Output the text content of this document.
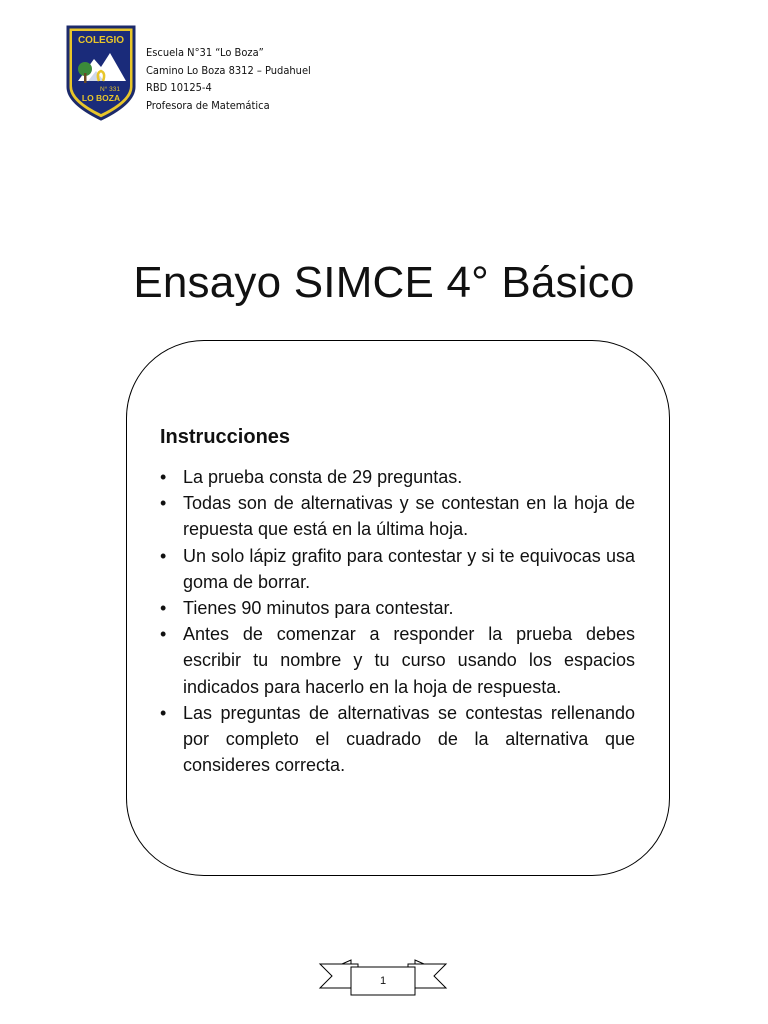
COLEGIO
N° 331
LO BOZA
Escuela N°31 “Lo Boza”
Camino Lo Boza 8312 – Pudahuel
RBD 10125-4
Profesora de Matemática
Ensayo SIMCE 4° Básico
Instrucciones
• La prueba consta de 29 preguntas.
• Todas son de alternativas y se contestan en la hoja de repuesta que está en la última hoja.
• Un solo lápiz grafito para contestar y si te equivocas usa goma de borrar.
• Tienes 90 minutos para contestar.
• Antes de comenzar a responder la prueba debes escribir tu nombre y tu curso usando los espacios indicados para hacerlo en la hoja de respuesta.
• Las preguntas de alternativas se contestas rellenando por completo el cuadrado de la alternativa que consideres correcta.
1
